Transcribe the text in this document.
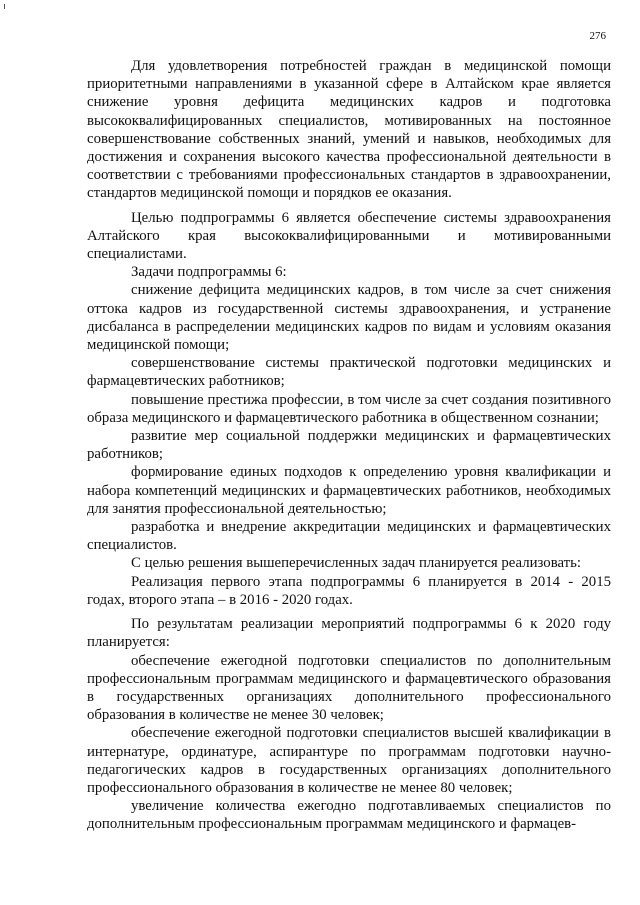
276

Для удовлетворения потребностей граждан в медицинской помощи приоритетными направлениями в указанной сфере в Алтайском крае является снижение уровня дефицита медицинских кадров и подготовка высококвалифицированных специалистов, мотивированных на постоянное совершенствование собственных знаний, умений и навыков, необходимых для достижения и сохранения высокого качества профессиональной деятельности в соответствии с требованиями профессиональных стандартов в здравоохранении, стандартов медицинской помощи и порядков ее оказания.

Целью подпрограммы 6 является обеспечение системы здравоохранения Алтайского края высококвалифицированными и мотивированными специалистами.

Задачи подпрограммы 6:

снижение дефицита медицинских кадров, в том числе за счет снижения оттока кадров из государственной системы здравоохранения, и устранение дисбаланса в распределении медицинских кадров по видам и условиям оказания медицинской помощи;

совершенствование системы практической подготовки медицинских и фармацевтических работников;

повышение престижа профессии, в том числе за счет создания позитивного образа медицинского и фармацевтического работника в общественном сознании;

развитие мер социальной поддержки медицинских и фармацевтических работников;

формирование единых подходов к определению уровня квалификации и набора компетенций медицинских и фармацевтических работников, необходимых для занятия профессиональной деятельностью;

разработка и внедрение аккредитации медицинских и фармацевтических специалистов.

С целью решения вышеперечисленных задач планируется реализовать:

Реализация первого этапа подпрограммы 6 планируется в 2014 - 2015 годах, второго этапа – в 2016 - 2020 годах.

По результатам реализации мероприятий подпрограммы 6 к 2020 году планируется:

обеспечение ежегодной подготовки специалистов по дополнительным профессиональным программам медицинского и фармацевтического образования в государственных организациях дополнительного профессионального образования в количестве не менее 30 человек;

обеспечение ежегодной подготовки специалистов высшей квалификации в интернатуре, ординатуре, аспирантуре по программам подготовки научно-педагогических кадров в государственных организациях дополнительного профессионального образования в количестве не менее 80 человек;

увеличение количества ежегодно подготавливаемых специалистов по дополнительным профессиональным программам медицинского и фармацев-
